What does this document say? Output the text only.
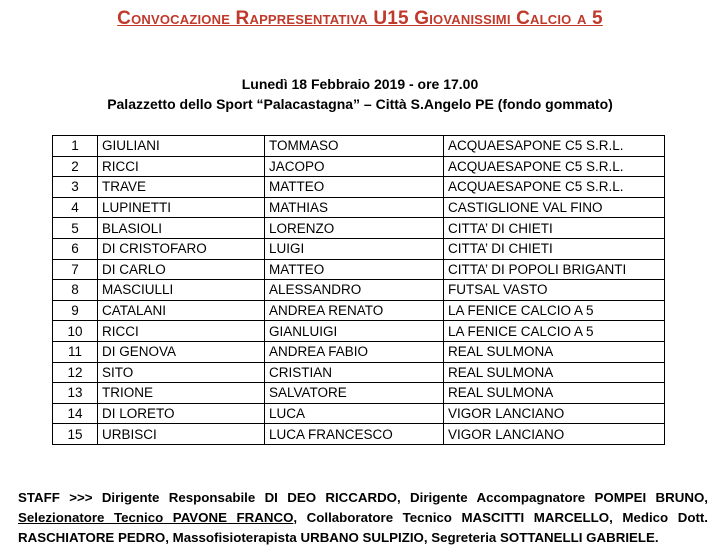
Convocazione Rappresentativa U15 Giovanissimi Calcio a 5
Lunedì 18 Febbraio 2019 - ore 17.00
Palazzetto dello Sport “Palacastagna” – Città S.Angelo PE (fondo gommato)
1	GIULIANI	TOMMASO	ACQUAESAPONE C5 S.R.L.
2	RICCI	JACOPO	ACQUAESAPONE C5 S.R.L.
3	TRAVE	MATTEO	ACQUAESAPONE C5 S.R.L.
4	LUPINETTI	MATHIAS	CASTIGLIONE VAL FINO
5	BLASIOLI	LORENZO	CITTA’ DI CHIETI
6	DI CRISTOFARO	LUIGI	CITTA’ DI CHIETI
7	DI CARLO	MATTEO	CITTA’ DI POPOLI BRIGANTI
8	MASCIULLI	ALESSANDRO	FUTSAL VASTO
9	CATALANI	ANDREA RENATO	LA FENICE CALCIO A 5
10	RICCI	GIANLUIGI	LA FENICE CALCIO A 5
11	DI GENOVA	ANDREA FABIO	REAL SULMONA
12	SITO	CRISTIAN	REAL SULMONA
13	TRIONE	SALVATORE	REAL SULMONA
14	DI LORETO	LUCA	VIGOR LANCIANO
15	URBISCI	LUCA FRANCESCO	VIGOR LANCIANO
STAFF >>> Dirigente Responsabile DI DEO RICCARDO, Dirigente Accompagnatore POMPEI BRUNO, Selezionatore Tecnico PAVONE FRANCO, Collaboratore Tecnico MASCITTI MARCELLO, Medico Dott. RASCHIATORE PEDRO, Massofisioterapista URBANO SULPIZIO, Segreteria SOTTANELLI GABRIELE.
